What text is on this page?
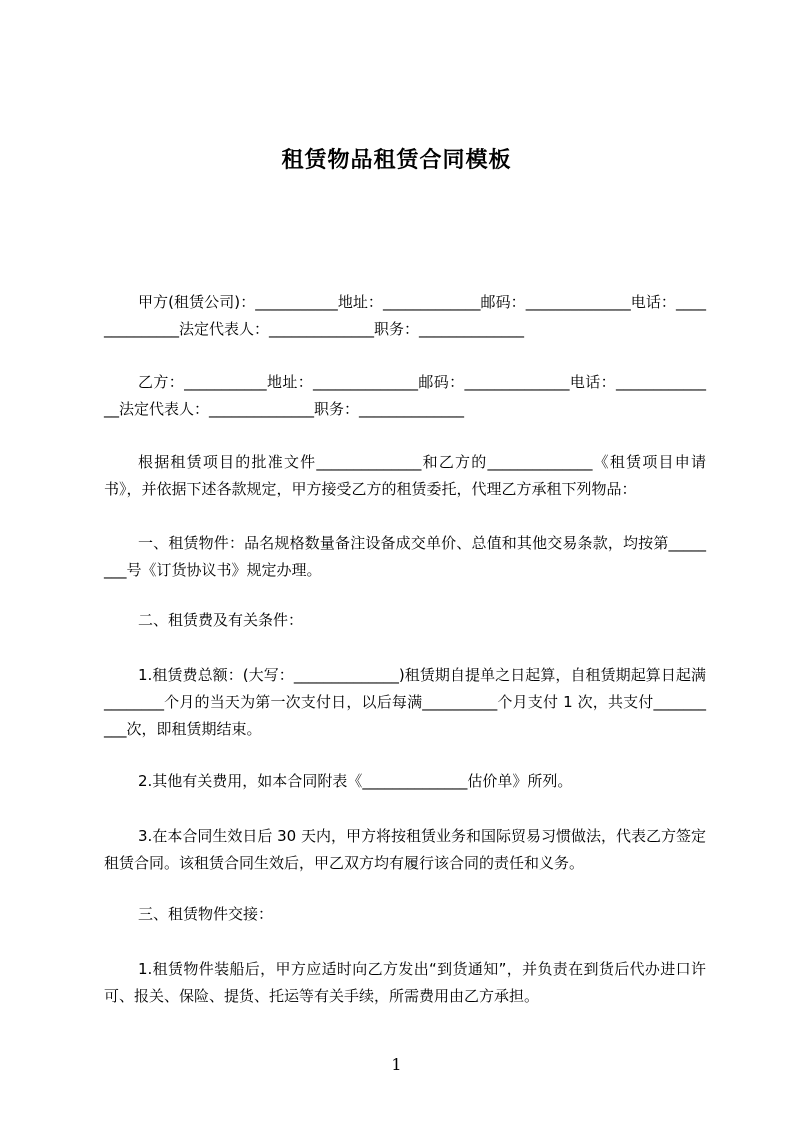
租赁物品租赁合同模板

甲方(租赁公司)：___________地址：_____________邮码：______________电话：______________法定代表人：______________职务：______________

乙方：___________地址：______________邮码：______________电话：______________法定代表人：______________职务：______________

根据租赁项目的批准文件______________和乙方的______________《租赁项目申请书》，并依据下述各款规定，甲方接受乙方的租赁委托，代理乙方承租下列物品：

一、租赁物件：品名规格数量备注设备成交单价、总值和其他交易条款，均按第________号《订货协议书》规定办理。

二、租赁费及有关条件：

1.租赁费总额：(大写：______________)租赁期自提单之日起算，自租赁期起算日起满________个月的当天为第一次支付日，以后每满__________个月支付 1 次，共支付__________次，即租赁期结束。

2.其他有关费用，如本合同附表《______________估价单》所列。

3.在本合同生效日后 30 天内，甲方将按租赁业务和国际贸易习惯做法，代表乙方签定租赁合同。该租赁合同生效后，甲乙双方均有履行该合同的责任和义务。

三、租赁物件交接：

1.租赁物件装船后，甲方应适时向乙方发出“到货通知”，并负责在到货后代办进口许可、报关、保险、提货、托运等有关手续，所需费用由乙方承担。

1
